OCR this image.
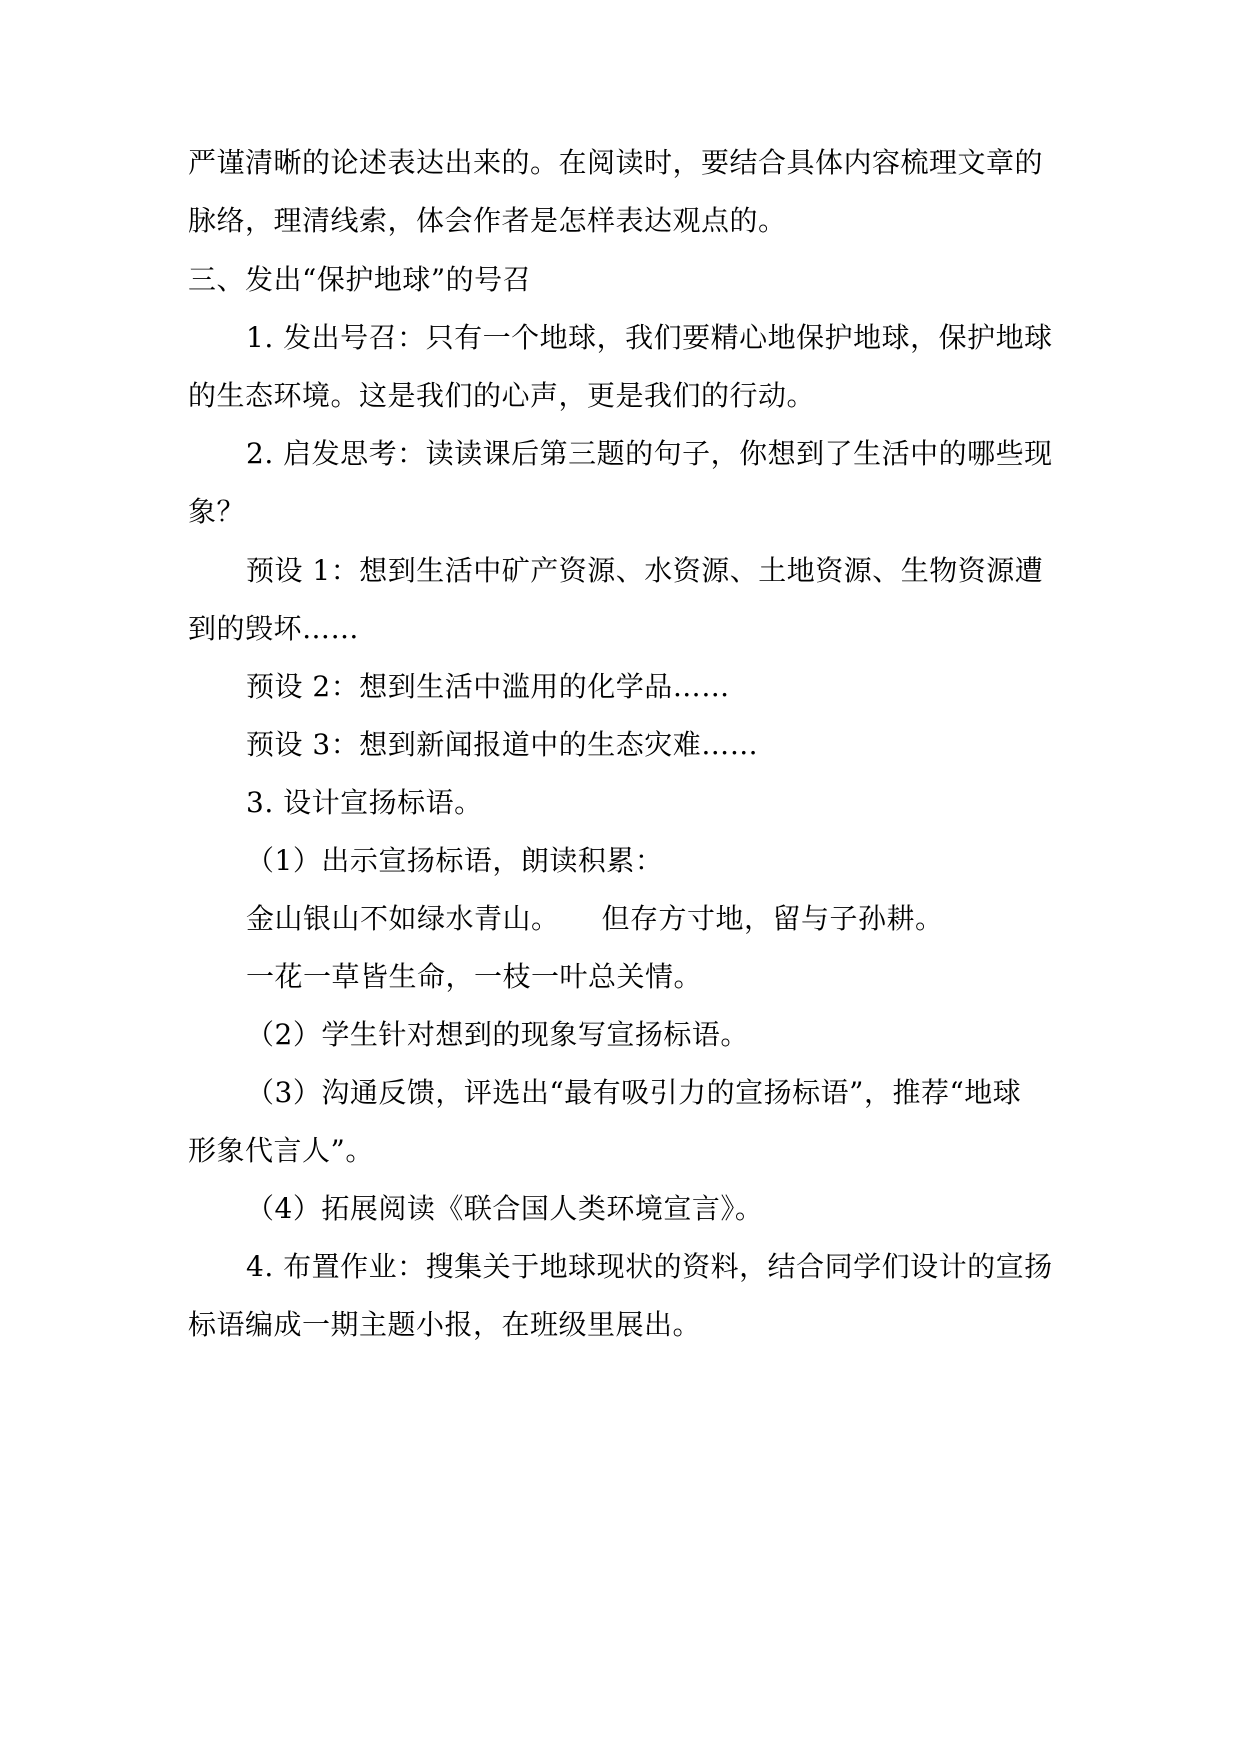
严谨清晰的论述表达出来的。在阅读时，要结合具体内容梳理文章的
脉络，理清线索，体会作者是怎样表达观点的。
三、发出“保护地球”的号召
1. 发出号召：只有一个地球，我们要精心地保护地球，保护地球
的生态环境。这是我们的心声，更是我们的行动。
2. 启发思考：读读课后第三题的句子，你想到了生活中的哪些现
象？
预设 1：想到生活中矿产资源、水资源、土地资源、生物资源遭
到的毁坏……
预设 2：想到生活中滥用的化学品……
预设 3：想到新闻报道中的生态灾难……
3. 设计宣扬标语。
（1）出示宣扬标语，朗读积累：
金山银山不如绿水青山。 但存方寸地，留与子孙耕。
一花一草皆生命，一枝一叶总关情。
（2）学生针对想到的现象写宣扬标语。
（3）沟通反馈，评选出“最有吸引力的宣扬标语”，推荐“地球
形象代言人”。
（4）拓展阅读《联合国人类环境宣言》。
4. 布置作业：搜集关于地球现状的资料，结合同学们设计的宣扬
标语编成一期主题小报，在班级里展出。
